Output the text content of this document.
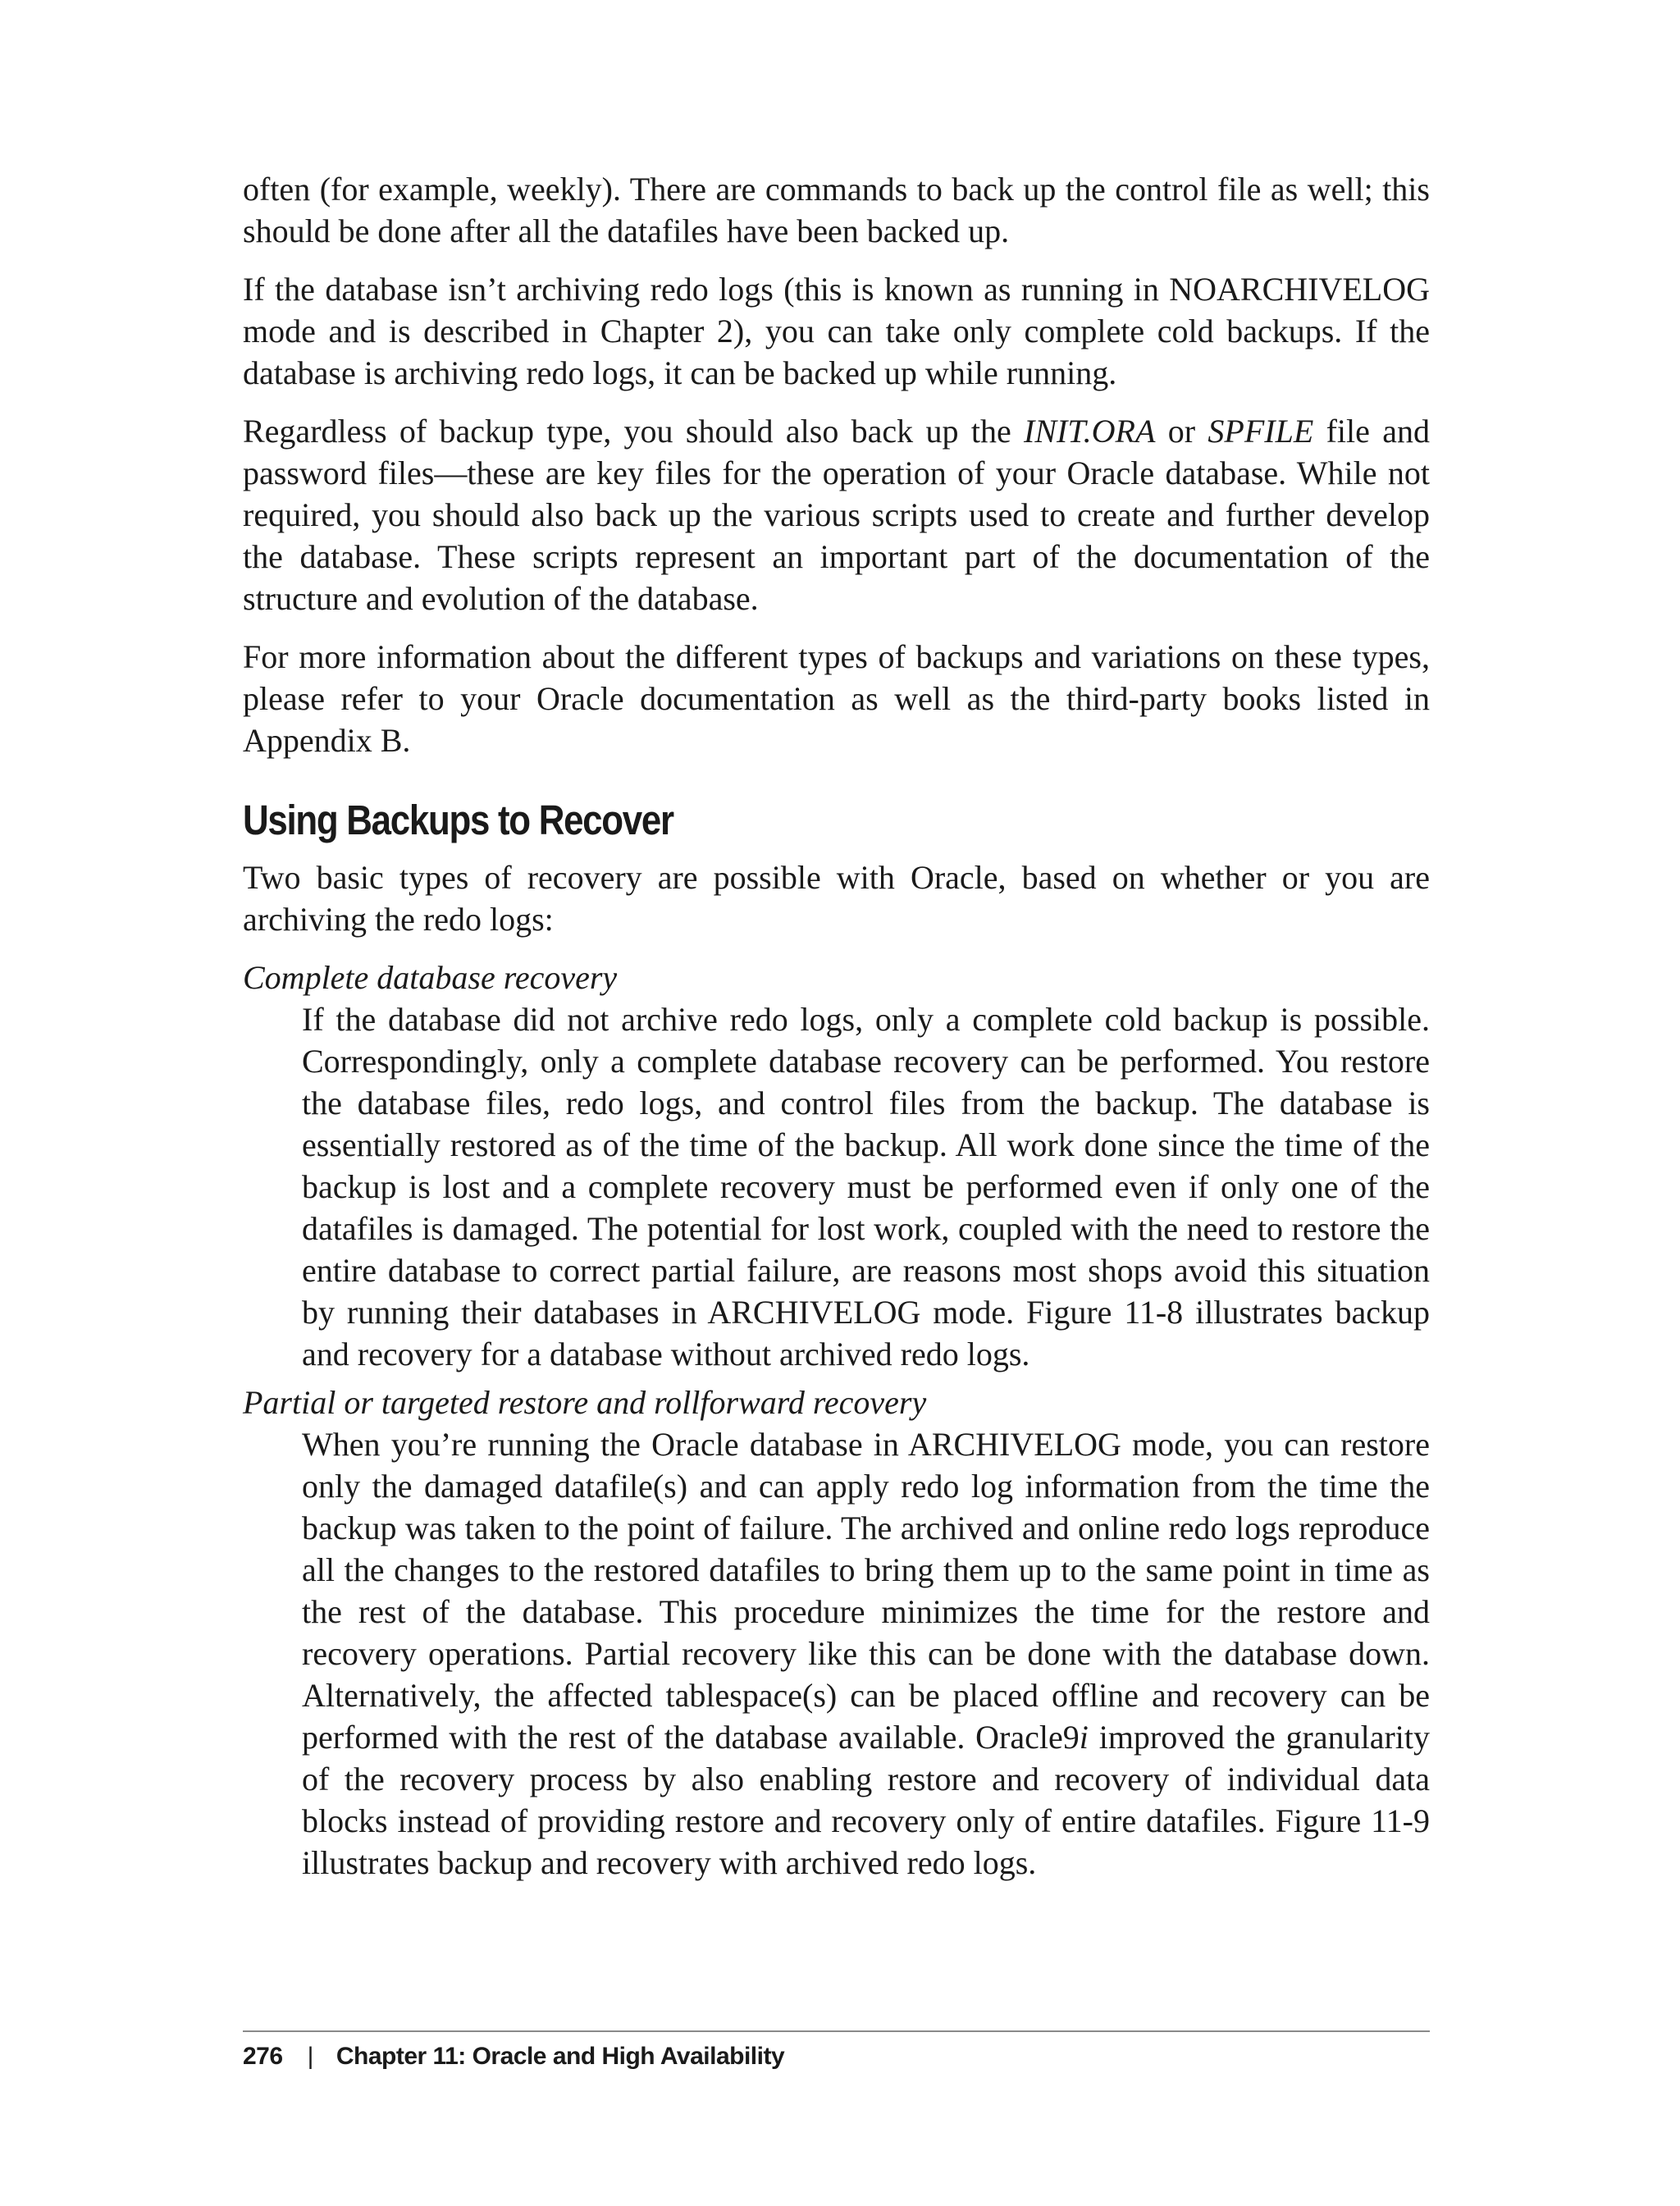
often (for example, weekly). There are commands to back up the control file as well; this should be done after all the datafiles have been backed up.

If the database isn’t archiving redo logs (this is known as running in NOARCHIVELOG mode and is described in Chapter 2), you can take only complete cold backups. If the database is archiving redo logs, it can be backed up while running.

Regardless of backup type, you should also back up the INIT.ORA or SPFILE file and password files—these are key files for the operation of your Oracle database. While not required, you should also back up the various scripts used to create and further develop the database. These scripts represent an important part of the documentation of the structure and evolution of the database.

For more information about the different types of backups and variations on these types, please refer to your Oracle documentation as well as the third-party books listed in Appendix B.

Using Backups to Recover

Two basic types of recovery are possible with Oracle, based on whether or you are archiving the redo logs:

Complete database recovery

If the database did not archive redo logs, only a complete cold backup is possible. Correspondingly, only a complete database recovery can be performed. You restore the database files, redo logs, and control files from the backup. The database is essentially restored as of the time of the backup. All work done since the time of the backup is lost and a complete recovery must be performed even if only one of the datafiles is damaged. The potential for lost work, coupled with the need to restore the entire database to correct partial failure, are reasons most shops avoid this situation by running their databases in ARCHIVELOG mode. Figure 11-8 illustrates backup and recovery for a database without archived redo logs.

Partial or targeted restore and rollforward recovery

When you’re running the Oracle database in ARCHIVELOG mode, you can restore only the damaged datafile(s) and can apply redo log information from the time the backup was taken to the point of failure. The archived and online redo logs reproduce all the changes to the restored datafiles to bring them up to the same point in time as the rest of the database. This procedure minimizes the time for the restore and recovery operations. Partial recovery like this can be done with the database down. Alternatively, the affected tablespace(s) can be placed offline and recovery can be performed with the rest of the database available. Oracle9i improved the granularity of the recovery process by also enabling restore and recovery of individual data blocks instead of providing restore and recovery only of entire datafiles. Figure 11-9 illustrates backup and recovery with archived redo logs.

276 | Chapter 11: Oracle and High Availability
